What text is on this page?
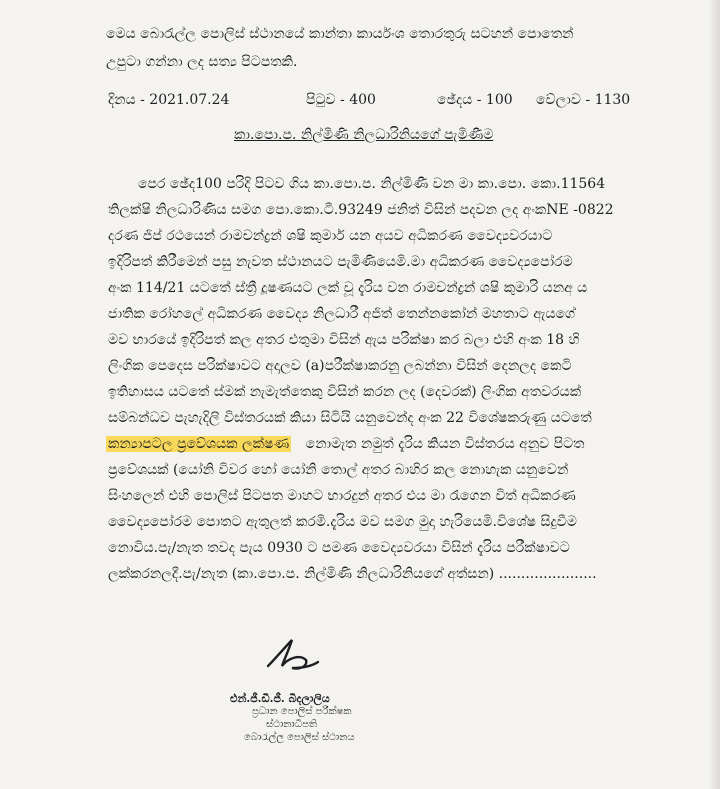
මෙය බොරැල්ල පොලිස් ස්ථානයේ කාන්තා කාර්යංශ තොරතුරු සටහන් පොතෙන්
උපුටා ගන්නා ලද සත්‍ය පිටපතකි.
දිනය - 2021.07.24	පිටුව - 400	ඡේදය - 100 වේලාව - 1130
කා.පො.ප. නිල්මිණි නිලධාරිනියගේ පැමිණීම
පෙර ඡේද100 පරිදි පිටව ගිය කා.පො.ප. නිල්මිණී වන මා කා.පො. කො.11564
තිලක්ෂි නිලධාරිණිය සමග පො.කො.ටී.93249 ජනිත් විසින් පදවන ලද අංකNE -0822
දරණ ජිප් රථයෙන් රාමචන්ද්‍රන් ශෂි කුමාර් යන අයව අධිකරණ වෛද්‍යවරයාට
ඉදිරිපත් කිරීමෙන් පසු නැවත ස්ථානයට පැමිණියෙමි.මා අධිකරණ වෛද්‍යපෝරම
අංක 114/21 යටතේ ස්ත්‍රී දූෂණයට ලක් වූ දැරිය වන රාමචන්ද්‍රන් ශෂි කුමාරි යනඅ ය
ජාතික රෝහලේ අධිකරණ වෛද්‍ය නිලධාරී අජිත් තෙන්නකෝන් මහතාට ඇයගේ
මව භාරයේ ඉදිරිපත් කල අතර එතුමා විසින් ඇය පරික්ෂා කර බලා එහි අංක 18 හි
ලිංගික පෙදෙස පරික්ෂාවට අදාලව (a)පරීක්ෂාකරනු ලබන්නා විසින් දෙනලද කෙටි
ඉතිහාසය යටතේ ස්මක් නැමැත්තෙකු විසින් කරන ලද (දෙවරක්) ලිංගික අතවරයක්
සම්බන්ධව පැහැදිලි විස්තරයක් කියා සිටියි යනුවෙන්ද අංක 22 විශේෂකරුණු යටතේ
කන්‍යාපටල ප්‍රවේශයක ලක්ෂණ නොමැත නමුත් දැරිය කියන විස්තරය අනුව පිටත
ප්‍රවේශයක් (යෝනි විවර හෝ යෝනි තොල් අතර බාහිර කල නොහැක යනුවෙන්
සිංහලෙන් එහි පොලිස් පිටපත මාහට භාරදුන් අතර එය මා රැගෙන විත් අධිකරණ
වෛද්‍යපෝරම පොතට ඇතුලත් කරමි.දැරිය මව සමග මුදා හැරියෙමි.විශේෂ සිදුවීම
නොවිය.පැ/නැත තවද පැය 0930 ට පමණ වෛද්‍යවරයා විසින් දැරිය පරීක්ෂාවට
ලක්කරනලදී.පැ/නැත (කා.පො.ප. නිල්මිණි නිලධාරිනියගේ අත්සන) ......................
එන්.ජී.ඩී.ජී. බිදලාලිය
ප්‍රධාන පොලිස් පරීක්ෂක
ස්ථානාධිපති
බොරැල්ල පොලිස් ස්ථානය
